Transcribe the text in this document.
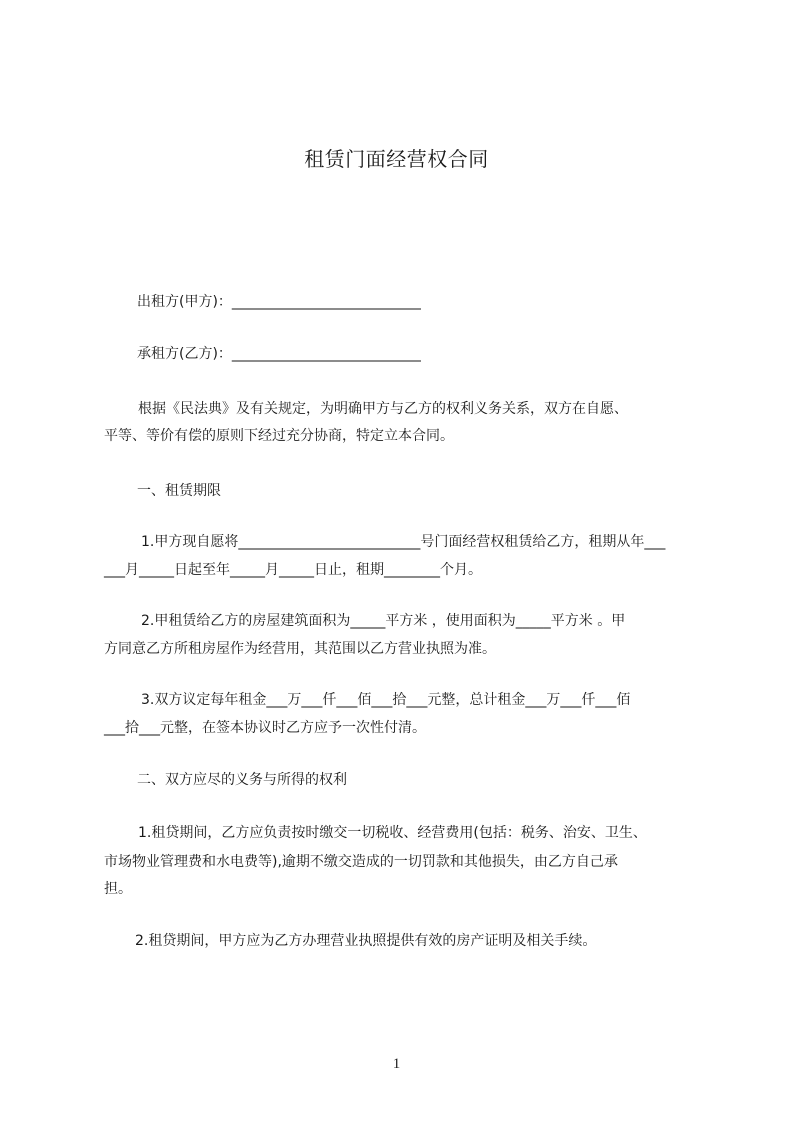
租赁门面经营权合同

出租方(甲方)：___________________________

承租方(乙方)：___________________________

根据《民法典》及有关规定，为明确甲方与乙方的权利义务关系，双方在自愿、

平等、等价有偿的原则下经过充分协商，特定立本合同。

一、租赁期限

1.甲方现自愿将__________________________号门面经营权租赁给乙方，租期从年___

___月_____日起至年_____月_____日止，租期________个月。

2.甲租赁给乙方的房屋建筑面积为_____平方米 ，使用面积为_____平方米 。甲

方同意乙方所租房屋作为经营用，其范围以乙方营业执照为准。

3.双方议定每年租金___万___仟___佰___拾___元整，总计租金___万___仟___佰

___拾___元整，在签本协议时乙方应予一次性付清。

二、双方应尽的义务与所得的权利

1.租贷期间，乙方应负责按时缴交一切税收、经营费用(包括：税务、治安、卫生、

市场物业管理费和水电费等),逾期不缴交造成的一切罚款和其他损失，由乙方自己承

担。

2.租贷期间，甲方应为乙方办理营业执照提供有效的房产证明及相关手续。

1
